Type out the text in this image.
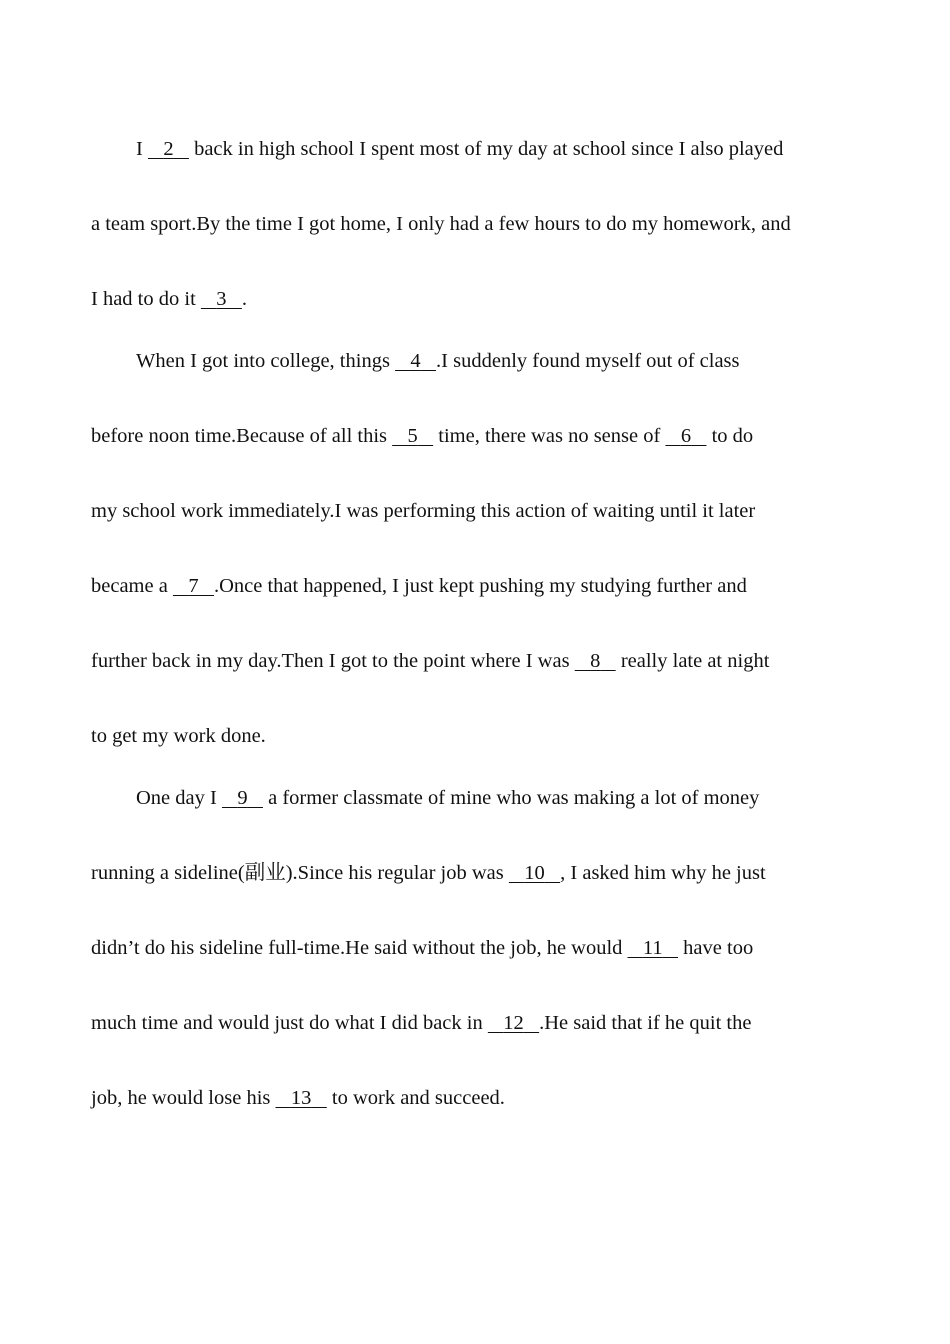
I    2    back in high school I spent most of my day at school since I also played
a team sport.By the time I got home, I only had a few hours to do my homework, and
I had to do it    3 .
When I got into college, things    4 .I suddenly found myself out of class
before noon time.Because of all this    5    time, there was no sense of    6    to do
my school work immediately.I was performing this action of waiting until it later
became a    7 .Once that happened, I just kept pushing my studying further and
further back in my day.Then I got to the point where I was    8    really late at night
to get my work done.
One day I    9    a former classmate of mine who was making a lot of money
running a sideline(副业).Since his regular job was    10 , I asked him why he just
didn’t do his sideline full-time.He said without the job, he would    11    have too
much time and would just do what I did back in    12 .He said that if he quit the
job, he would lose his    13    to work and succeed.
